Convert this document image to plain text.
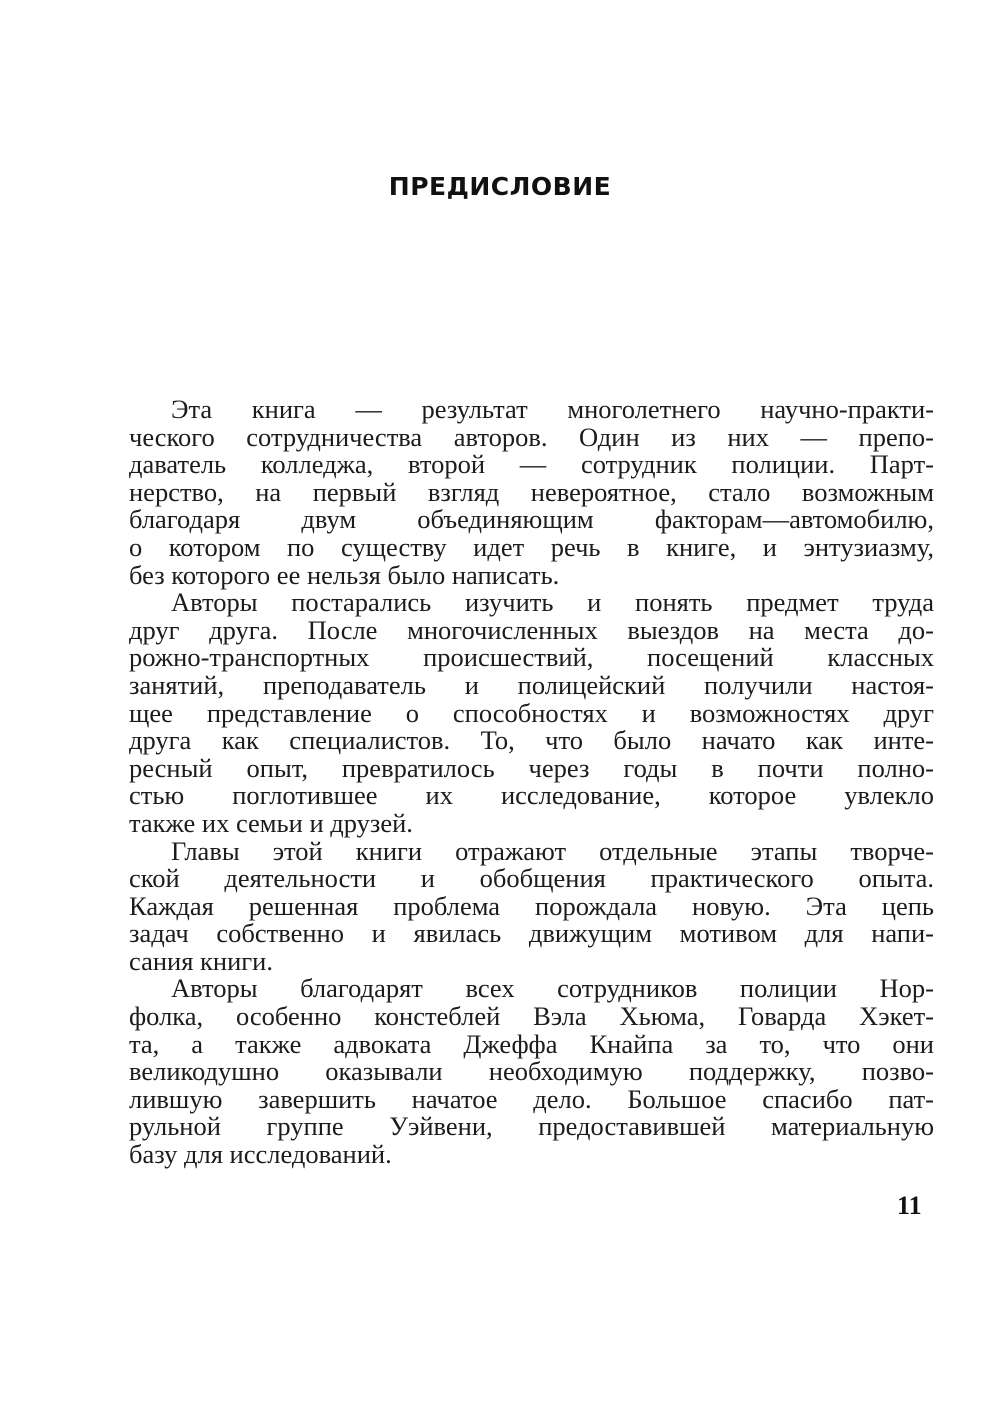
ПРЕДИСЛОВИЕ
Эта книга — результат многолетнего научно-практи-
ческого сотрудничества авторов. Один из них — препо-
даватель колледжа, второй — сотрудник полиции. Парт-
нерство, на первый взгляд невероятное, стало возможным
благодаря двум объединяющим факторам—автомобилю,
о котором по существу идет речь в книге, и энтузиазму,
без которого ее нельзя было написать.
Авторы постарались изучить и понять предмет труда
друг друга. После многочисленных выездов на места до-
рожно-транспортных происшествий, посещений классных
занятий, преподаватель и полицейский получили настоя-
щее представление о способностях и возможностях друг
друга как специалистов. То, что было начато как инте-
ресный опыт, превратилось через годы в почти полно-
стью поглотившее их исследование, которое увлекло
также их семьи и друзей.
Главы этой книги отражают отдельные этапы творче-
ской деятельности и обобщения практического опыта.
Каждая решенная проблема порождала новую. Эта цепь
задач собственно и явилась движущим мотивом для напи-
сания книги.
Авторы благодарят всех сотрудников полиции Нор-
фолка, особенно констеблей Вэла Хьюма, Говарда Хэкет-
та, а также адвоката Джеффа Кнайпа за то, что они
великодушно оказывали необходимую поддержку, позво-
лившую завершить начатое дело. Большое спасибо пат-
рульной группе Уэйвени, предоставившей материальную
базу для исследований.
11
